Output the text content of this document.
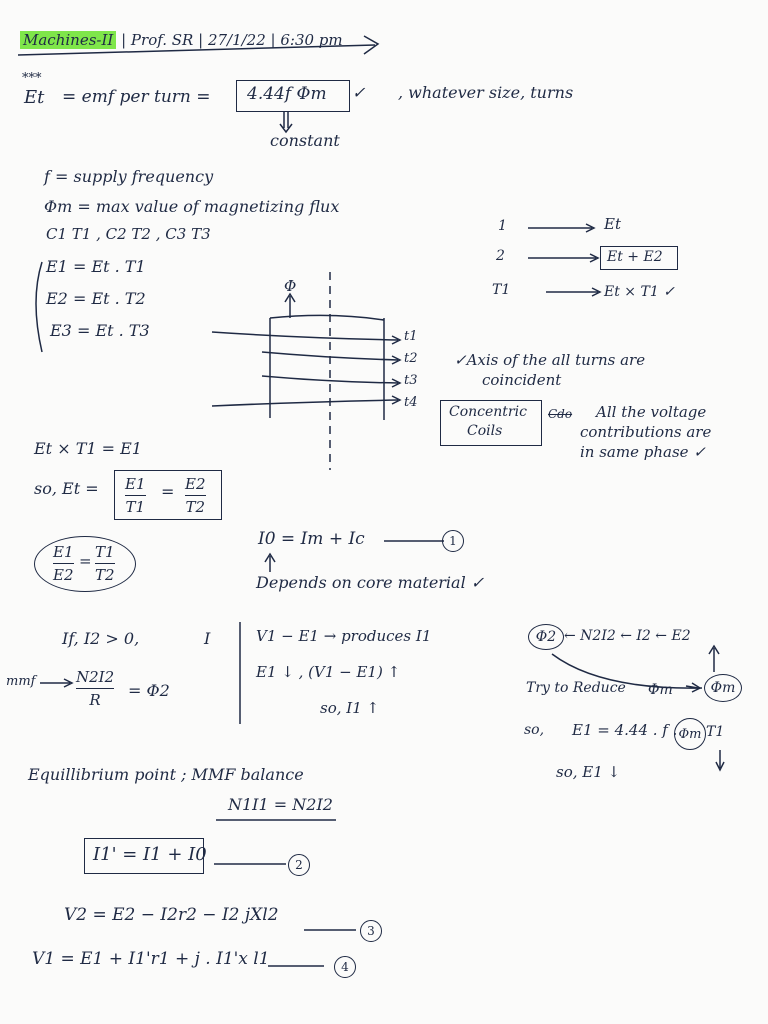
Machines-II | Prof. SR | 27/1/22 | 6:30 pm
***
Et = emf per turn = 4.44f Φm ✓ , whatever size, turns
constant
f = supply frequency
Φm = max value of magnetizing flux
C1 T1 , C2 T2 , C3 T3
E1 = Et . T1
E2 = Et . T2
E3 = Et . T3
1	Et
2	Et + E2
T1	Et × T1 ✓
Φ
t1
t2
t3
t4
✓Axis of the all turns are
coincident
Concentric
Coils
Cdo All the voltage
contributions are
in same phase ✓
Et × T1 = E1
so, Et = E1
T1
= E2
T2
$\frac{E1}{E2} = \frac{T1}{T2}$
I0 = Im + Ic	1
Depends on core material ✓
If, I2 > 0,	I
mmf	N2I2
R = Φ2
V1 − E1 → produces I1
E1 ↓ , (V1 − E1) ↑
so, I1 ↑
Φ2 ← N2I2 ← I2 ← E2
Try to Reduce Φm	Φm
so, E1 = 4.44 . f . Φm T1
so, E1 ↓
Equillibrium point ; MMF balance
N1I1 = N2I2
I1' = I1 + I0	2
V2 = E2 − I2r2 − I2 jXl2
3
V1 = E1 + I1'r1 + j . I1'x l1	4
